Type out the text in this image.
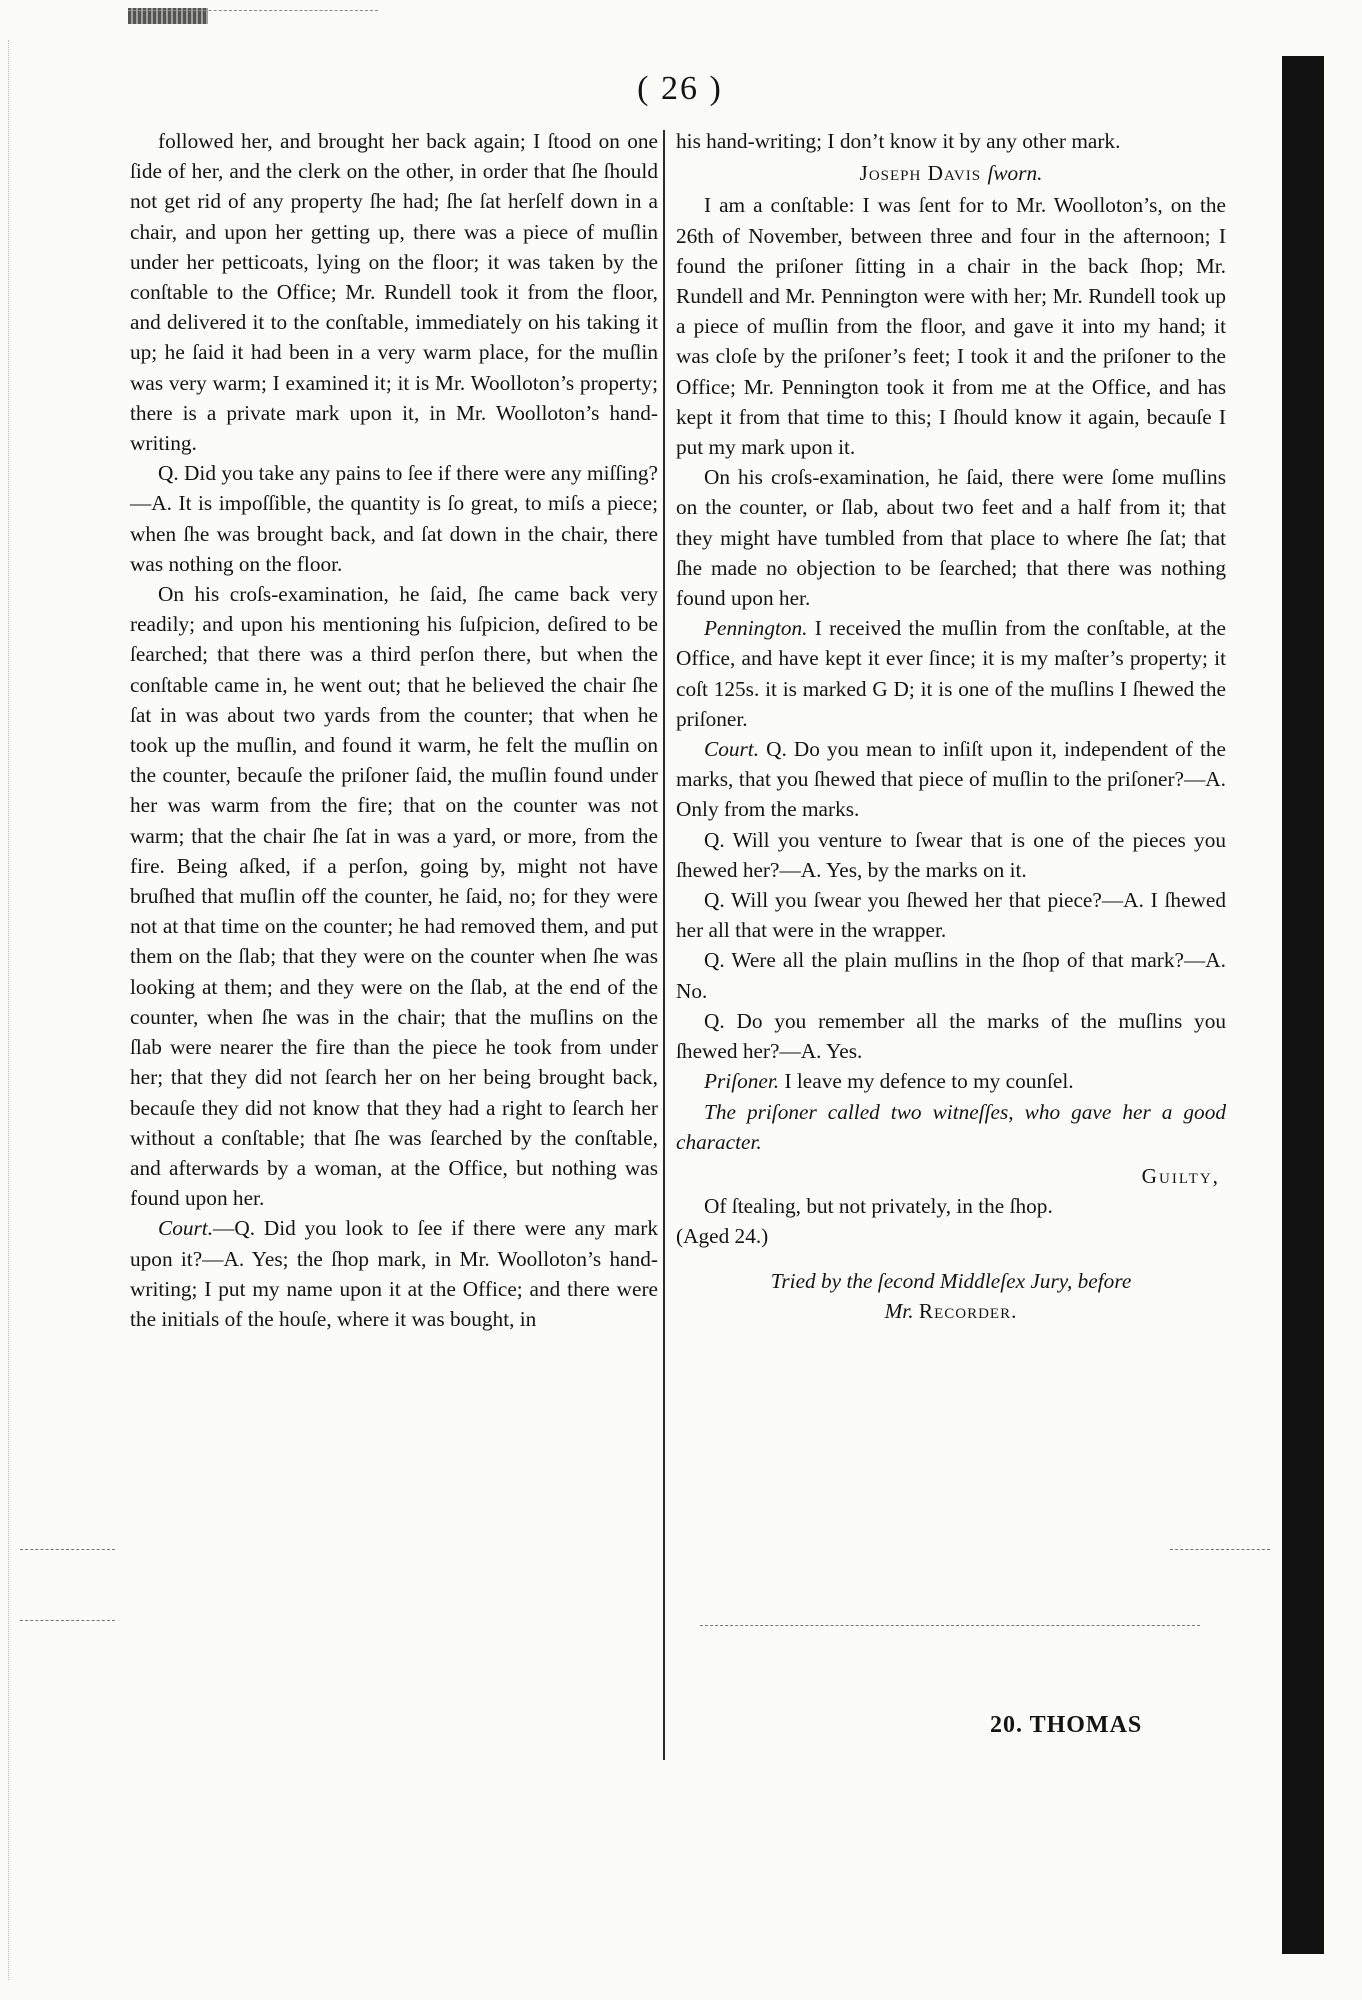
( 26 )

followed her, and brought her back again; I ſtood on one ſide of her, and the clerk on the other, in order that ſhe ſhould not get rid of any property ſhe had; ſhe ſat herſelf down in a chair, and upon her getting up, there was a piece of muſlin under her petticoats, lying on the floor; it was taken by the conſtable to the Office; Mr. Rundell took it from the floor, and delivered it to the conſtable, immediately on his taking it up; he ſaid it had been in a very warm place, for the muſlin was very warm; I examined it; it is Mr. Woolloton’s property; there is a private mark upon it, in Mr. Woolloton’s hand-writing.

Q. Did you take any pains to ſee if there were any miſſing?—A. It is impoſſible, the quantity is ſo great, to miſs a piece; when ſhe was brought back, and ſat down in the chair, there was nothing on the floor.

On his croſs-examination, he ſaid, ſhe came back very readily; and upon his mentioning his ſuſpicion, deſired to be ſearched; that there was a third perſon there, but when the conſtable came in, he went out; that he believed the chair ſhe ſat in was about two yards from the counter; that when he took up the muſlin, and found it warm, he felt the muſlin on the counter, becauſe the priſoner ſaid, the muſlin found under her was warm from the fire; that on the counter was not warm; that the chair ſhe ſat in was a yard, or more, from the fire. Being aſked, if a perſon, going by, might not have bruſhed that muſlin off the counter, he ſaid, no; for they were not at that time on the counter; he had removed them, and put them on the ſlab; that they were on the counter when ſhe was looking at them; and they were on the ſlab, at the end of the counter, when ſhe was in the chair; that the muſlins on the ſlab were nearer the fire than the piece he took from under her; that they did not ſearch her on her being brought back, becauſe they did not know that they had a right to ſearch her without a conſtable; that ſhe was ſearched by the conſtable, and afterwards by a woman, at the Office, but nothing was found upon her.

Court.—Q. Did you look to ſee if there were any mark upon it?—A. Yes; the ſhop mark, in Mr. Woolloton’s hand-writing; I put my name upon it at the Office; and there were the initials of the houſe, where it was bought, in

his hand-writing; I don’t know it by any other mark.

Joseph Davis ſworn.

I am a conſtable: I was ſent for to Mr. Woolloton’s, on the 26th of November, between three and four in the afternoon; I found the priſoner ſitting in a chair in the back ſhop; Mr. Rundell and Mr. Pennington were with her; Mr. Rundell took up a piece of muſlin from the floor, and gave it into my hand; it was cloſe by the priſoner’s feet; I took it and the priſoner to the Office; Mr. Pennington took it from me at the Office, and has kept it from that time to this; I ſhould know it again, becauſe I put my mark upon it.

On his croſs-examination, he ſaid, there were ſome muſlins on the counter, or ſlab, about two feet and a half from it; that they might have tumbled from that place to where ſhe ſat; that ſhe made no objection to be ſearched; that there was nothing found upon her.

Pennington. I received the muſlin from the conſtable, at the Office, and have kept it ever ſince; it is my maſter’s property; it coſt 125s. it is marked G D; it is one of the muſlins I ſhewed the priſoner.

Court. Q. Do you mean to inſiſt upon it, independent of the marks, that you ſhewed that piece of muſlin to the priſoner?—A. Only from the marks.

Q. Will you venture to ſwear that is one of the pieces you ſhewed her?—A. Yes, by the marks on it.

Q. Will you ſwear you ſhewed her that piece?—A. I ſhewed her all that were in the wrapper.

Q. Were all the plain muſlins in the ſhop of that mark?—A. No.

Q. Do you remember all the marks of the muſlins you ſhewed her?—A. Yes.

Priſoner. I leave my defence to my counſel.

The priſoner called two witneſſes, who gave her a good character.

Guilty,

Of ſtealing, but not privately, in the ſhop.

(Aged 24.)

Tried by the ſecond Middleſex Jury, before
Mr. Recorder.

20. THOMAS
